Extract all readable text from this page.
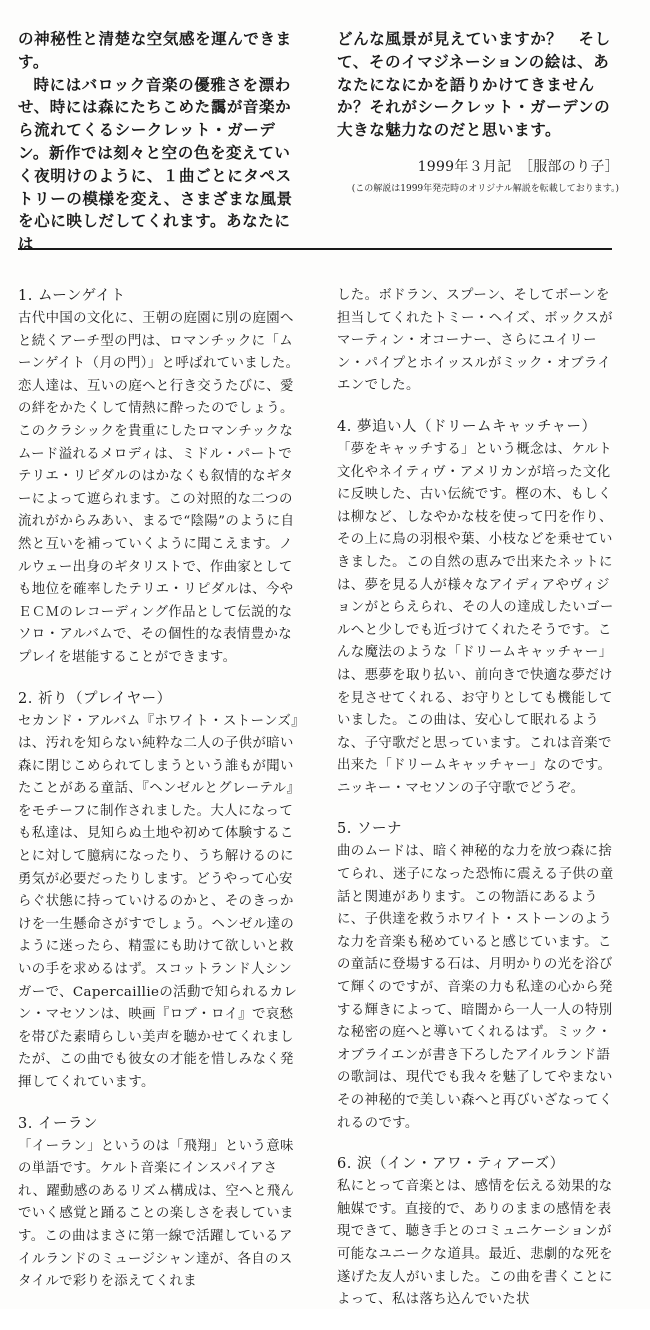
の神秘性と清楚な空気感を運んできます。

時にはバロック音楽の優雅さを漂わせ、時には森にたちこめた靄が音楽から流れてくるシークレット・ガーデン。新作では刻々と空の色を変えていく夜明けのように、１曲ごとにタペストリーの模様を変え、さまざまな風景を心に映しだしてくれます。あなたには

どんな風景が見えていますか？　そして、そのイマジネーションの絵は、あなたになにかを語りかけてきませんか？それがシークレット・ガーデンの大きな魅力なのだと思います。

1999年３月記　［服部のり子］

(この解説は1999年発売時のオリジナル解説を転載しております。)

1. ムーンゲイト

古代中国の文化に、王朝の庭園に別の庭園へと続くアーチ型の門は、ロマンチックに「ムーンゲイト（月の門）」と呼ばれていました。恋人達は、互いの庭へと行き交うたびに、愛の絆をかたくして情熱に酔ったのでしょう。このクラシックを貴重にしたロマンチックなムード溢れるメロディは、ミドル・パートでテリエ・リピダルのはかなくも叙情的なギターによって遮られます。この対照的な二つの流れがからみあい、まるで“陰陽”のように自然と互いを補っていくように聞こえます。ノルウェー出身のギタリストで、作曲家としても地位を確率したテリエ・リピダルは、今やＥＣＭのレコーディング作品として伝説的なソロ・アルバムで、その個性的な表情豊かなプレイを堪能することができます。

2. 祈り（プレイヤー）

セカンド・アルバム『ホワイト・ストーンズ』は、汚れを知らない純粋な二人の子供が暗い森に閉じこめられてしまうという誰もが聞いたことがある童話、『ヘンゼルとグレーテル』をモチーフに制作されました。大人になっても私達は、見知らぬ土地や初めて体験することに対して臆病になったり、うち解けるのに勇気が必要だったりします。どうやって心安らぐ状態に持っていけるのかと、そのきっかけを一生懸命さがすでしょう。ヘンゼル達のように迷ったら、精霊にも助けて欲しいと救いの手を求めるはず。スコットランド人シンガーで、Capercaillieの活動で知られるカレン・マセソンは、映画『ロブ・ロイ』で哀愁を帯びた素晴らしい美声を聴かせてくれましたが、この曲でも彼女の才能を惜しみなく発揮してくれています。

3. イーラン

「イーラン」というのは「飛翔」という意味の単語です。ケルト音楽にインスパイアされ、躍動感のあるリズム構成は、空へと飛んでいく感覚と踊ることの楽しさを表しています。この曲はまさに第一線で活躍しているアイルランドのミュージシャン達が、各自のスタイルで彩りを添えてくれま

した。ボドラン、スプーン、そしてボーンを担当してくれたトミー・ヘイズ、ボックスがマーティン・オコーナー、さらにユイリーン・パイプとホイッスルがミック・オブライエンでした。

4. 夢追い人（ドリームキャッチャー）

「夢をキャッチする」という概念は、ケルト文化やネイティヴ・アメリカンが培った文化に反映した、古い伝統です。樫の木、もしくは柳など、しなやかな枝を使って円を作り、その上に鳥の羽根や葉、小枝などを乗せていきました。この自然の恵みで出来たネットには、夢を見る人が様々なアイディアやヴィジョンがとらえられ、その人の達成したいゴールへと少しでも近づけてくれたそうです。こんな魔法のような「ドリームキャッチャー」は、悪夢を取り払い、前向きで快適な夢だけを見させてくれる、お守りとしても機能していました。この曲は、安心して眠れるような、子守歌だと思っています。これは音楽で出来た「ドリームキャッチャー」なのです。ニッキー・マセソンの子守歌でどうぞ。

5. ソーナ

曲のムードは、暗く神秘的な力を放つ森に捨てられ、迷子になった恐怖に震える子供の童話と関連があります。この物語にあるように、子供達を救うホワイト・ストーンのような力を音楽も秘めていると感じています。この童話に登場する石は、月明かりの光を浴びて輝くのですが、音楽の力も私達の心から発する輝きによって、暗闇から一人一人の特別な秘密の庭へと導いてくれるはず。ミック・オブライエンが書き下ろしたアイルランド語の歌詞は、現代でも我々を魅了してやまないその神秘的で美しい森へと再びいざなってくれるのです。

6. 涙（イン・アワ・ティアーズ）

私にとって音楽とは、感情を伝える効果的な触媒です。直接的で、ありのままの感情を表現できて、聴き手とのコミュニケーションが可能なユニークな道具。最近、悲劇的な死を遂げた友人がいました。この曲を書くことによって、私は落ち込んでいた状
